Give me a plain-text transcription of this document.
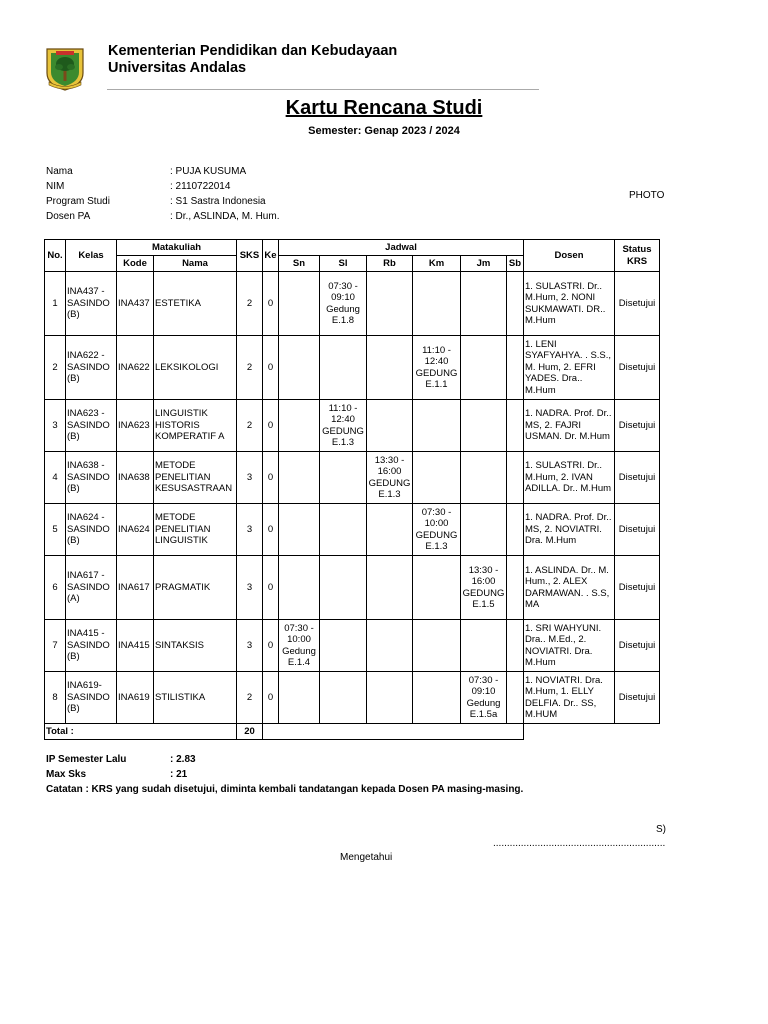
Kementerian Pendidikan dan Kebudayaan
Universitas Andalas
Kartu Rencana Studi
Semester: Genap 2023 / 2024
Nama	: PUJA KUSUMA
NIM	: 2110722014
Program Studi	: S1 Sastra Indonesia
Dosen PA	: Dr., ASLINDA, M. Hum.
PHOTO
No.	Kelas	Matakuliah		SKS	Ke	Jadwal						Dosen	Status KRS
		Kode	Nama			Sn	Sl	Rb	Km	Jm	Sb		
1	INA437 - SASINDO (B)	INA437	ESTETIKA	2	0		07:30 - 09:10 Gedung E.1.8					1. SULASTRI. Dr.. M.Hum, 2. NONI SUKMAWATI. DR.. M.Hum	Disetujui
2	INA622 - SASINDO (B)	INA622	LEKSIKOLOGI	2	0				11:10 - 12:40 GEDUNG E.1.1			1. LENI SYAFYAHYA. . S.S., M. Hum, 2. EFRI YADES. Dra.. M.Hum	Disetujui
3	INA623 - SASINDO (B)	INA623	LINGUISTIK HISTORIS KOMPERATIF A	2	0		11:10 - 12:40 GEDUNG E.1.3					1. NADRA. Prof. Dr.. MS, 2. FAJRI USMAN. Dr. M.Hum	Disetujui
4	INA638 - SASINDO (B)	INA638	METODE PENELITIAN KESUSASTRAAN	3	0			13:30 - 16:00 GEDUNG E.1.3				1. SULASTRI. Dr.. M.Hum, 2. IVAN ADILLA. Dr.. M.Hum	Disetujui
5	INA624 - SASINDO (B)	INA624	METODE PENELITIAN LINGUISTIK	3	0				07:30 - 10:00 GEDUNG E.1.3			1. NADRA. Prof. Dr.. MS, 2. NOVIATRI. Dra. M.Hum	Disetujui
6	INA617 - SASINDO (A)	INA617	PRAGMATIK	3	0					13:30 - 16:00 GEDUNG E.1.5		1. ASLINDA. Dr.. M. Hum., 2. ALEX DARMAWAN. . S.S, MA	Disetujui
7	INA415 - SASINDO (B)	INA415	SINTAKSIS	3	0	07:30 - 10:00 Gedung E.1.4						1. SRI WAHYUNI. Dra.. M.Ed., 2. NOVIATRI. Dra. M.Hum	Disetujui
8	INA619- SASINDO (B)	INA619	STILISTIKA	2	0					07:30 - 09:10 Gedung E.1.5a		1. NOVIATRI. Dra. M.Hum, 1. ELLY DELFIA. Dr.. SS, M.HUM	Disetujui
Total :				20									
IP Semester Lalu	: 2.83
Max Sks	: 21
Catatan : KRS yang sudah disetujui, diminta kembali tandatangan kepada Dosen PA masing-masing.
S)
..............................................................
Mengetahui
